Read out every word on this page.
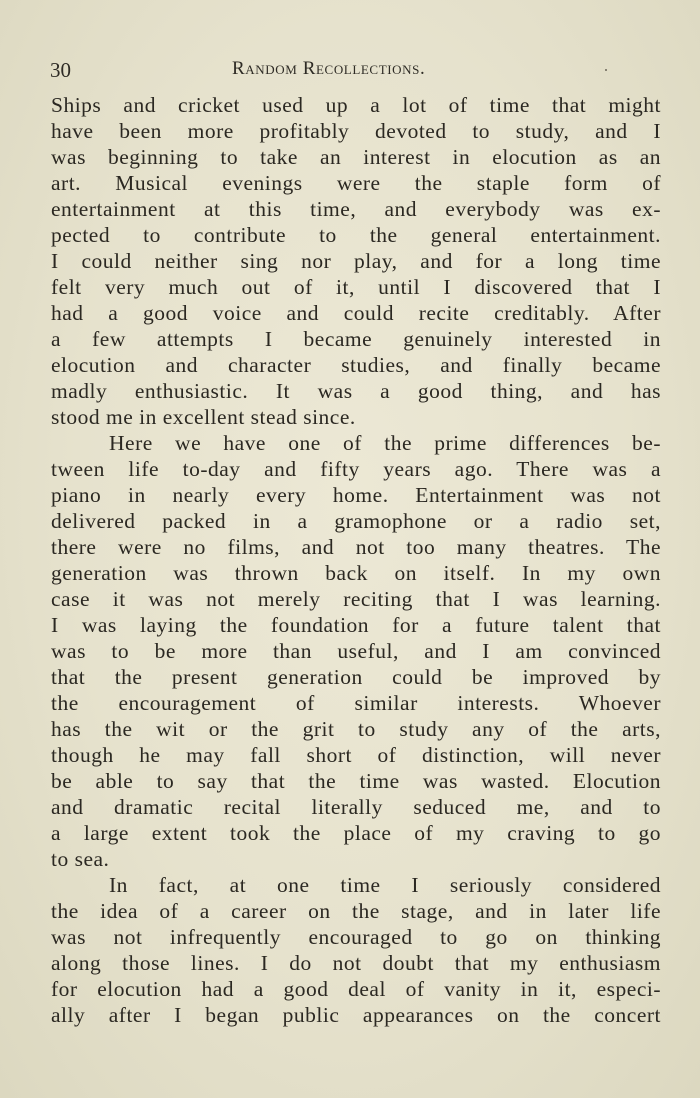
30	Random Recollections.
Ships and cricket used up a lot of time that might
have been more profitably devoted to study, and I
was beginning to take an interest in elocution as an
art. Musical evenings were the staple form of
entertainment at this time, and everybody was ex-
pected to contribute to the general entertainment.
I could neither sing nor play, and for a long time
felt very much out of it, until I discovered that I
had a good voice and could recite creditably. After
a few attempts I became genuinely interested in
elocution and character studies, and finally became
madly enthusiastic. It was a good thing, and has
stood me in excellent stead since.
Here we have one of the prime differences be-
tween life to-day and fifty years ago. There was a
piano in nearly every home. Entertainment was not
delivered packed in a gramophone or a radio set,
there were no films, and not too many theatres. The
generation was thrown back on itself. In my own
case it was not merely reciting that I was learning.
I was laying the foundation for a future talent that
was to be more than useful, and I am convinced
that the present generation could be improved by
the encouragement of similar interests. Whoever
has the wit or the grit to study any of the arts,
though he may fall short of distinction, will never
be able to say that the time was wasted. Elocution
and dramatic recital literally seduced me, and to
a large extent took the place of my craving to go
to sea.
In fact, at one time I seriously considered
the idea of a career on the stage, and in later life
was not infrequently encouraged to go on thinking
along those lines. I do not doubt that my enthusiasm
for elocution had a good deal of vanity in it, especi-
ally after I began public appearances on the concert
